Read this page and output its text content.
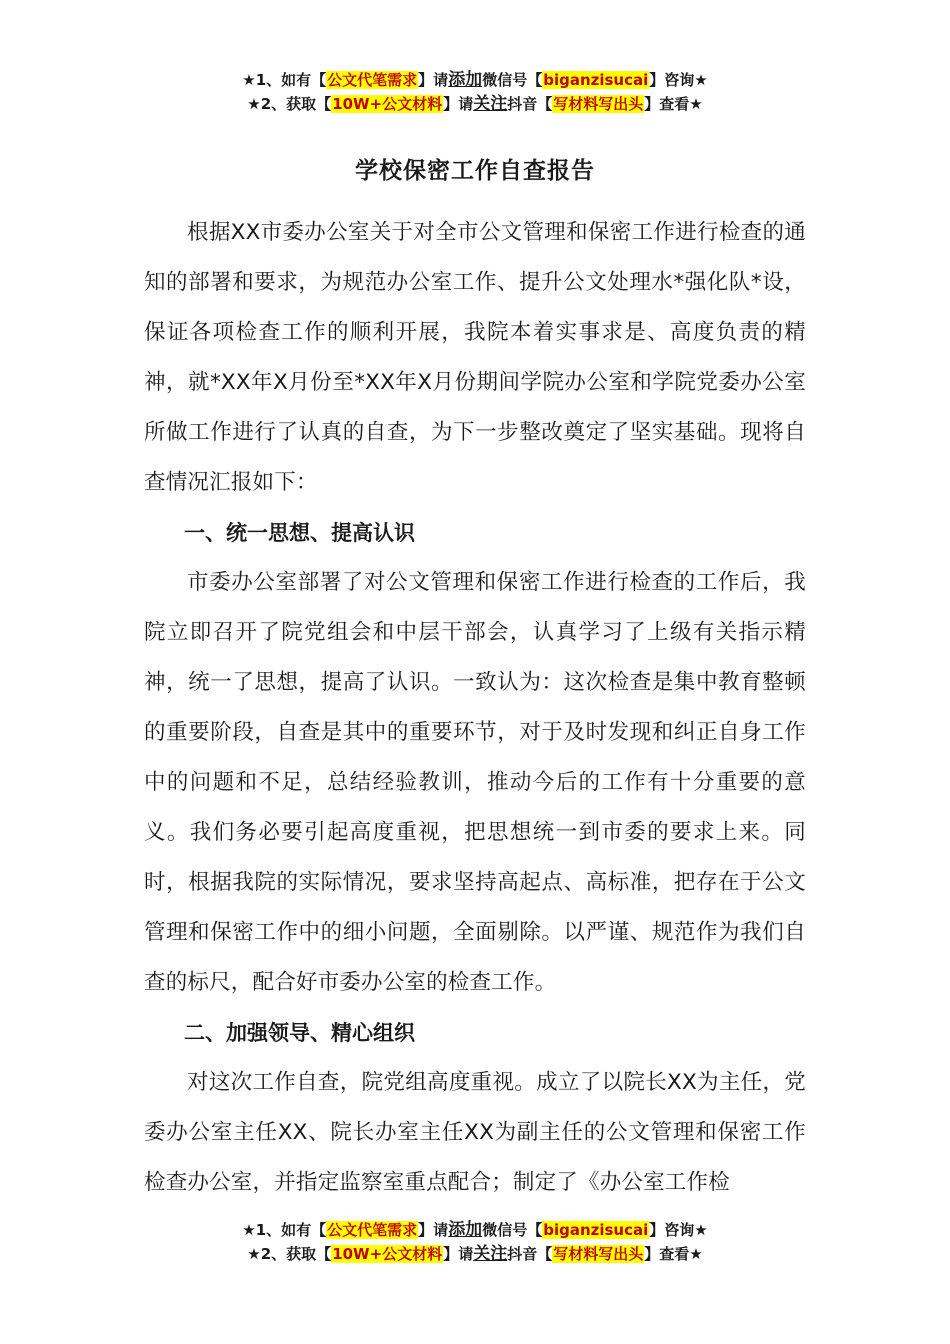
★1、如有【公文代笔需求】请添加微信号【biganzisucai】咨询★
★2、获取【10W+公文材料】请关注抖音【写材料写出头】查看★
学校保密工作自查报告

根据XX市委办公室关于对全市公文管理和保密工作进行检查的通知的部署和要求，为规范办公室工作、提升公文处理水*强化队*设，保证各项检查工作的顺利开展，我院本着实事求是、高度负责的精神，就*XX年X月份至*XX年X月份期间学院办公室和学院党委办公室所做工作进行了认真的自查，为下一步整改奠定了坚实基础。现将自查情况汇报如下：

一、统一思想、提高认识

市委办公室部署了对公文管理和保密工作进行检查的工作后，我院立即召开了院党组会和中层干部会，认真学习了上级有关指示精神，统一了思想，提高了认识。一致认为：这次检查是集中教育整顿的重要阶段，自查是其中的重要环节，对于及时发现和纠正自身工作中的问题和不足，总结经验教训，推动今后的工作有十分重要的意义。我们务必要引起高度重视，把思想统一到市委的要求上来。同时，根据我院的实际情况，要求坚持高起点、高标准，把存在于公文管理和保密工作中的细小问题，全面剔除。以严谨、规范作为我们自查的标尺，配合好市委办公室的检查工作。

二、加强领导、精心组织

对这次工作自查，院党组高度重视。成立了以院长XX为主任，党委办公室主任XX、院长办室主任XX为副主任的公文管理和保密工作检查办公室，并指定监察室重点配合；制定了《办公室工作检

★1、如有【公文代笔需求】请添加微信号【biganzisucai】咨询★
★2、获取【10W+公文材料】请关注抖音【写材料写出头】查看★
